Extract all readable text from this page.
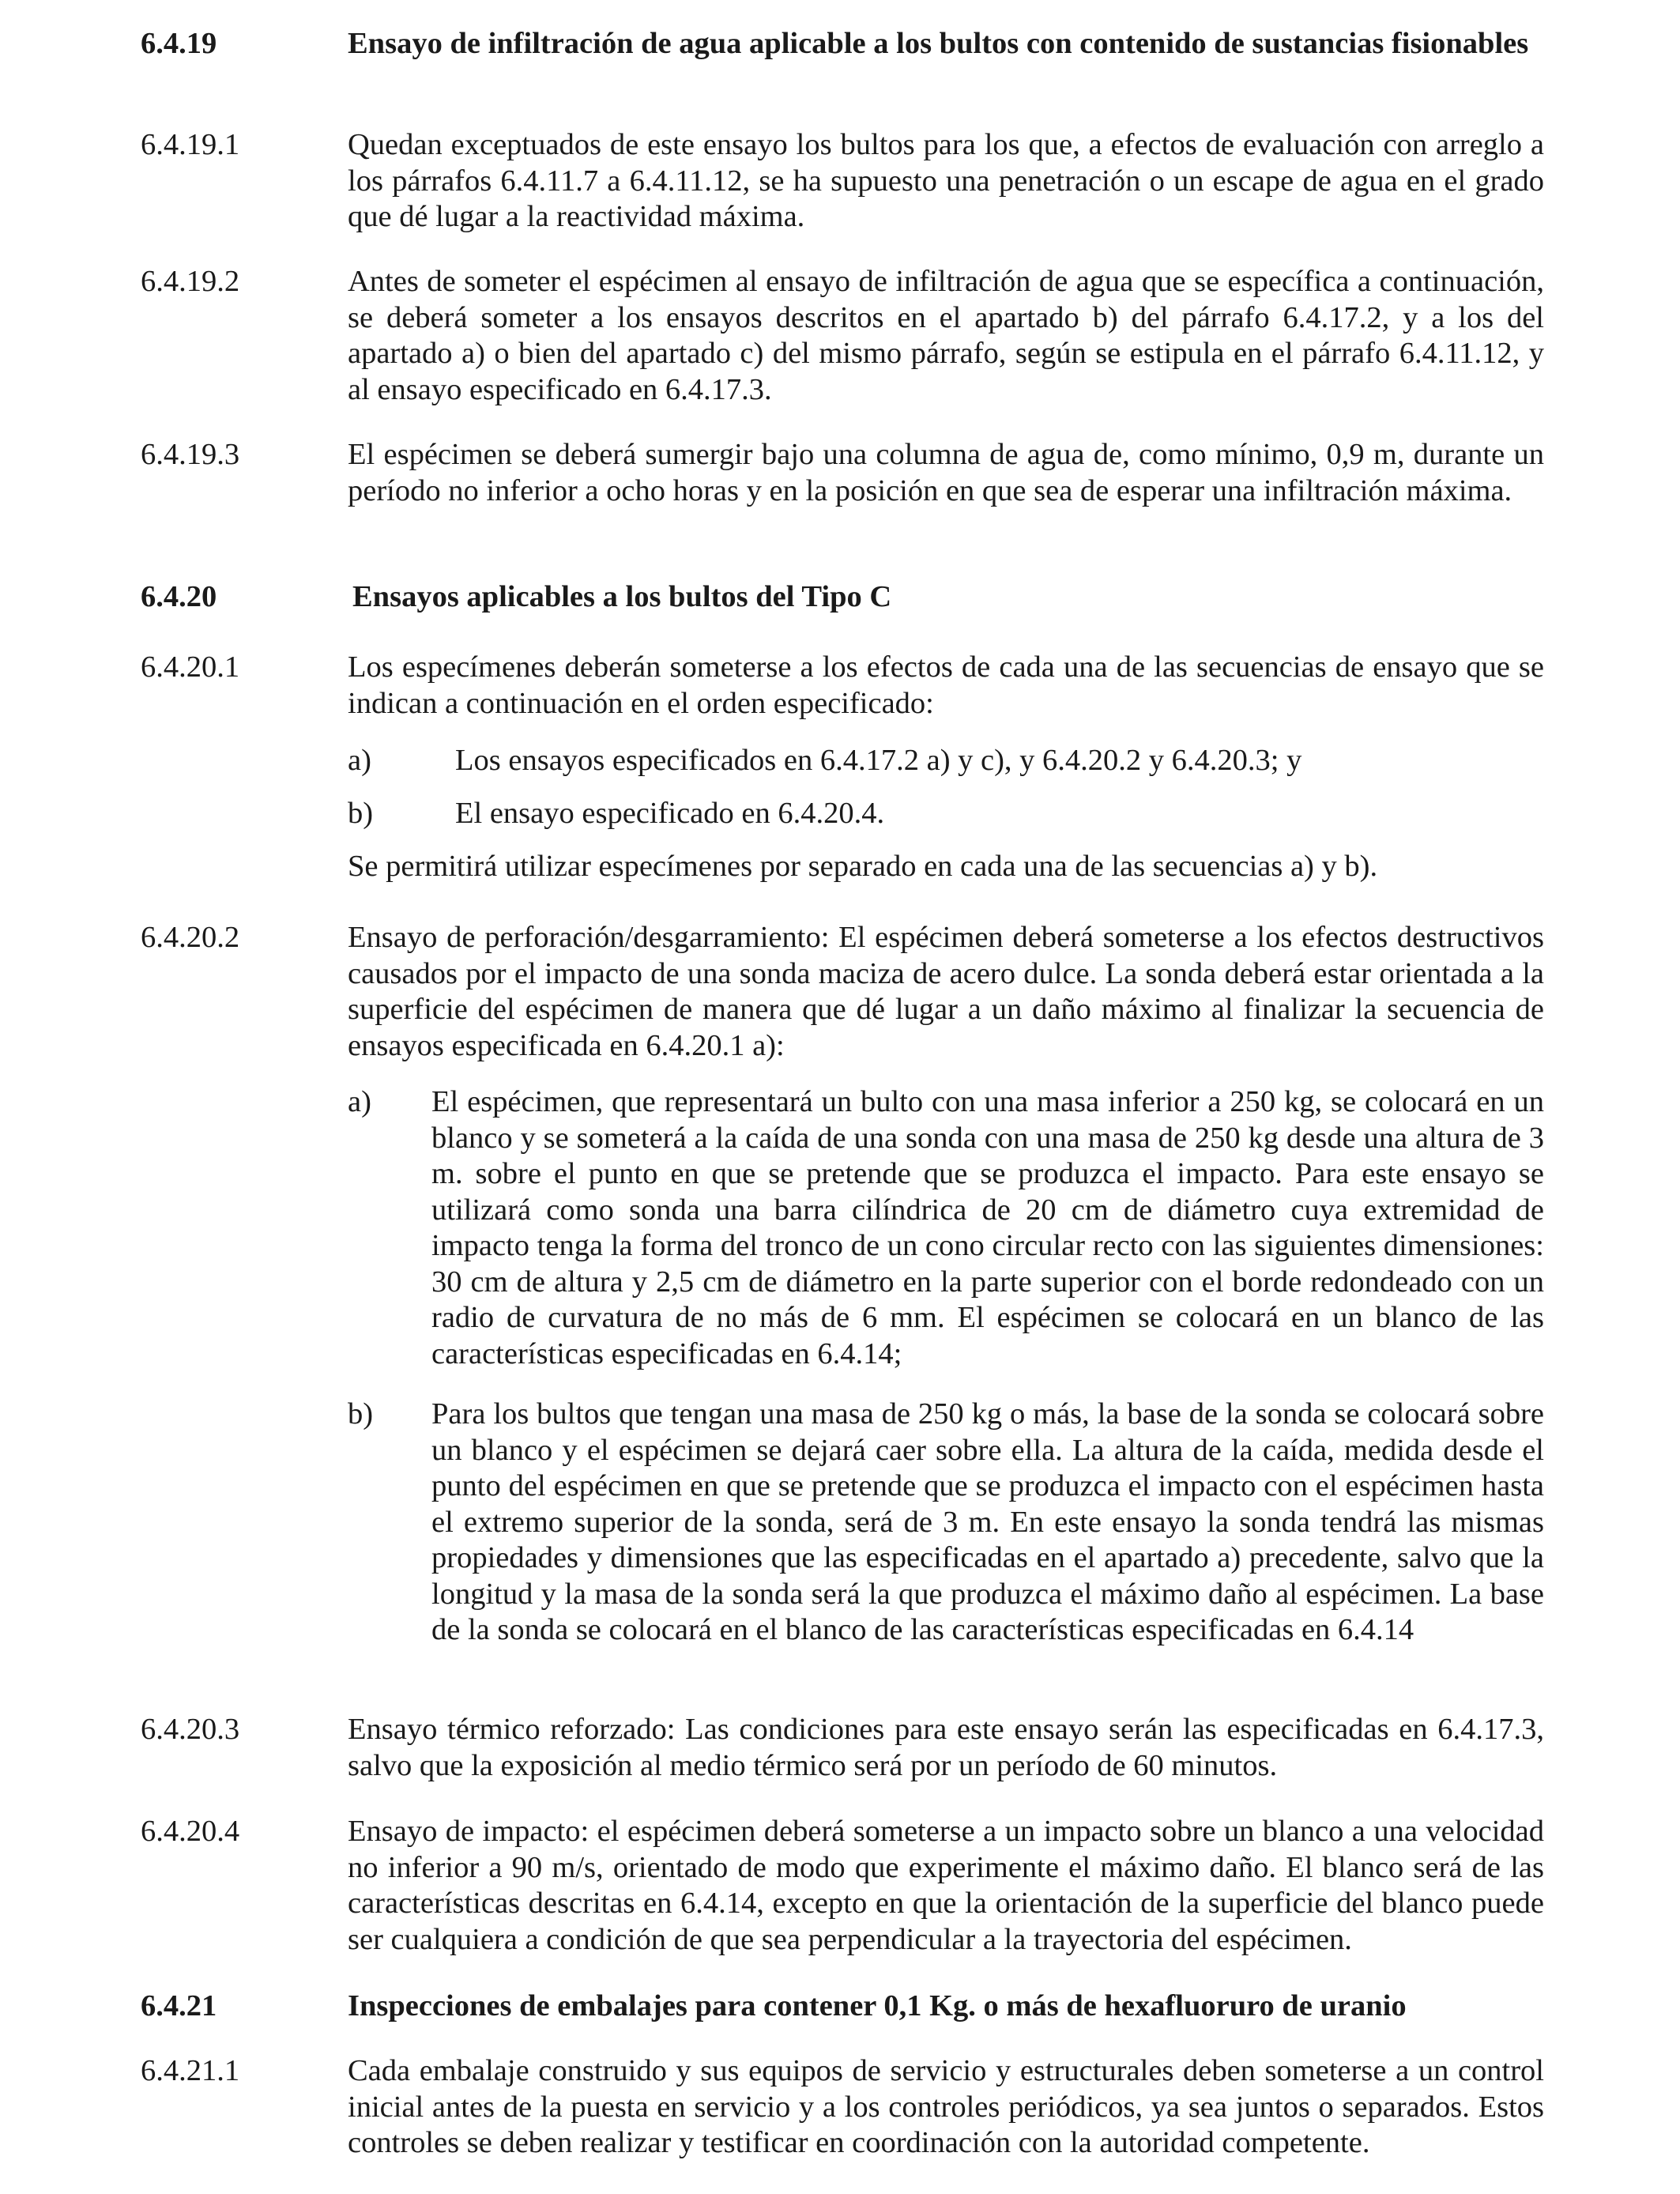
6.4.19	Ensayo de infiltración de agua aplicable a los bultos con contenido de sustancias fisionables
6.4.19.1	Quedan exceptuados de este ensayo los bultos para los que, a efectos de evaluación con arreglo a los párrafos 6.4.11.7 a 6.4.11.12, se ha supuesto una penetración o un escape de agua en el grado que dé lugar a la reactividad máxima.
6.4.19.2	Antes de someter el espécimen al ensayo de infiltración de agua que se específica a continuación, se deberá someter a los ensayos descritos en el apartado b) del párrafo 6.4.17.2, y a los del apartado a) o bien del apartado c) del mismo párrafo, según se estipula en el párrafo 6.4.11.12, y al ensayo especificado en 6.4.17.3.
6.4.19.3	El espécimen se deberá sumergir bajo una columna de agua de, como mínimo, 0,9 m, durante un período no inferior a ocho horas y en la posición en que sea de esperar una infiltración máxima.
6.4.20	Ensayos aplicables a los bultos del Tipo C
6.4.20.1	Los especímenes deberán someterse a los efectos de cada una de las secuencias de ensayo que se indican a continuación en el orden especificado:
a)	Los ensayos especificados en 6.4.17.2 a) y c), y 6.4.20.2 y 6.4.20.3; y
b)	El ensayo especificado en 6.4.20.4.
Se permitirá utilizar especímenes por separado en cada una de las secuencias a) y b).
6.4.20.2	Ensayo de perforación/desgarramiento: El espécimen deberá someterse a los efectos destructivos causados por el impacto de una sonda maciza de acero dulce. La sonda deberá estar orientada a la superficie del espécimen de manera que dé lugar a un daño máximo al finalizar la secuencia de ensayos especificada en 6.4.20.1 a):
a) El espécimen, que representará un bulto con una masa inferior a 250 kg, se colocará en un blanco y se someterá a la caída de una sonda con una masa de 250 kg desde una altura de 3 m. sobre el punto en que se pretende que se produzca el impacto. Para este ensayo se utilizará como sonda una barra cilíndrica de 20 cm de diámetro cuya extremidad de impacto tenga la forma del tronco de un cono circular recto con las siguientes dimensiones: 30 cm de altura y 2,5 cm de diámetro en la parte superior con el borde redondeado con un radio de curvatura de no más de 6 mm. El espécimen se colocará en un blanco de las características especificadas en 6.4.14;
b) Para los bultos que tengan una masa de 250 kg o más, la base de la sonda se colocará sobre un blanco y el espécimen se dejará caer sobre ella. La altura de la caída, medida desde el punto del espécimen en que se pretende que se produzca el impacto con el espécimen hasta el extremo superior de la sonda, será de 3 m. En este ensayo la sonda tendrá las mismas propiedades y dimensiones que las especificadas en el apartado a) precedente, salvo que la longitud y la masa de la sonda será la que produzca el máximo daño al espécimen. La base de la sonda se colocará en el blanco de las características especificadas en 6.4.14
6.4.20.3	Ensayo térmico reforzado: Las condiciones para este ensayo serán las especificadas en 6.4.17.3, salvo que la exposición al medio térmico será por un período de 60 minutos.
6.4.20.4	Ensayo de impacto: el espécimen deberá someterse a un impacto sobre un blanco a una velocidad no inferior a 90 m/s, orientado de modo que experimente el máximo daño. El blanco será de las características descritas en 6.4.14, excepto en que la orientación de la superficie del blanco puede ser cualquiera a condición de que sea perpendicular a la trayectoria del espécimen.
6.4.21	Inspecciones de embalajes para contener 0,1 Kg. o más de hexafluoruro de uranio
6.4.21.1	Cada embalaje construido y sus equipos de servicio y estructurales deben someterse a un control inicial antes de la puesta en servicio y a los controles periódicos, ya sea juntos o separados. Estos controles se deben realizar y testificar en coordinación con la autoridad competente.
